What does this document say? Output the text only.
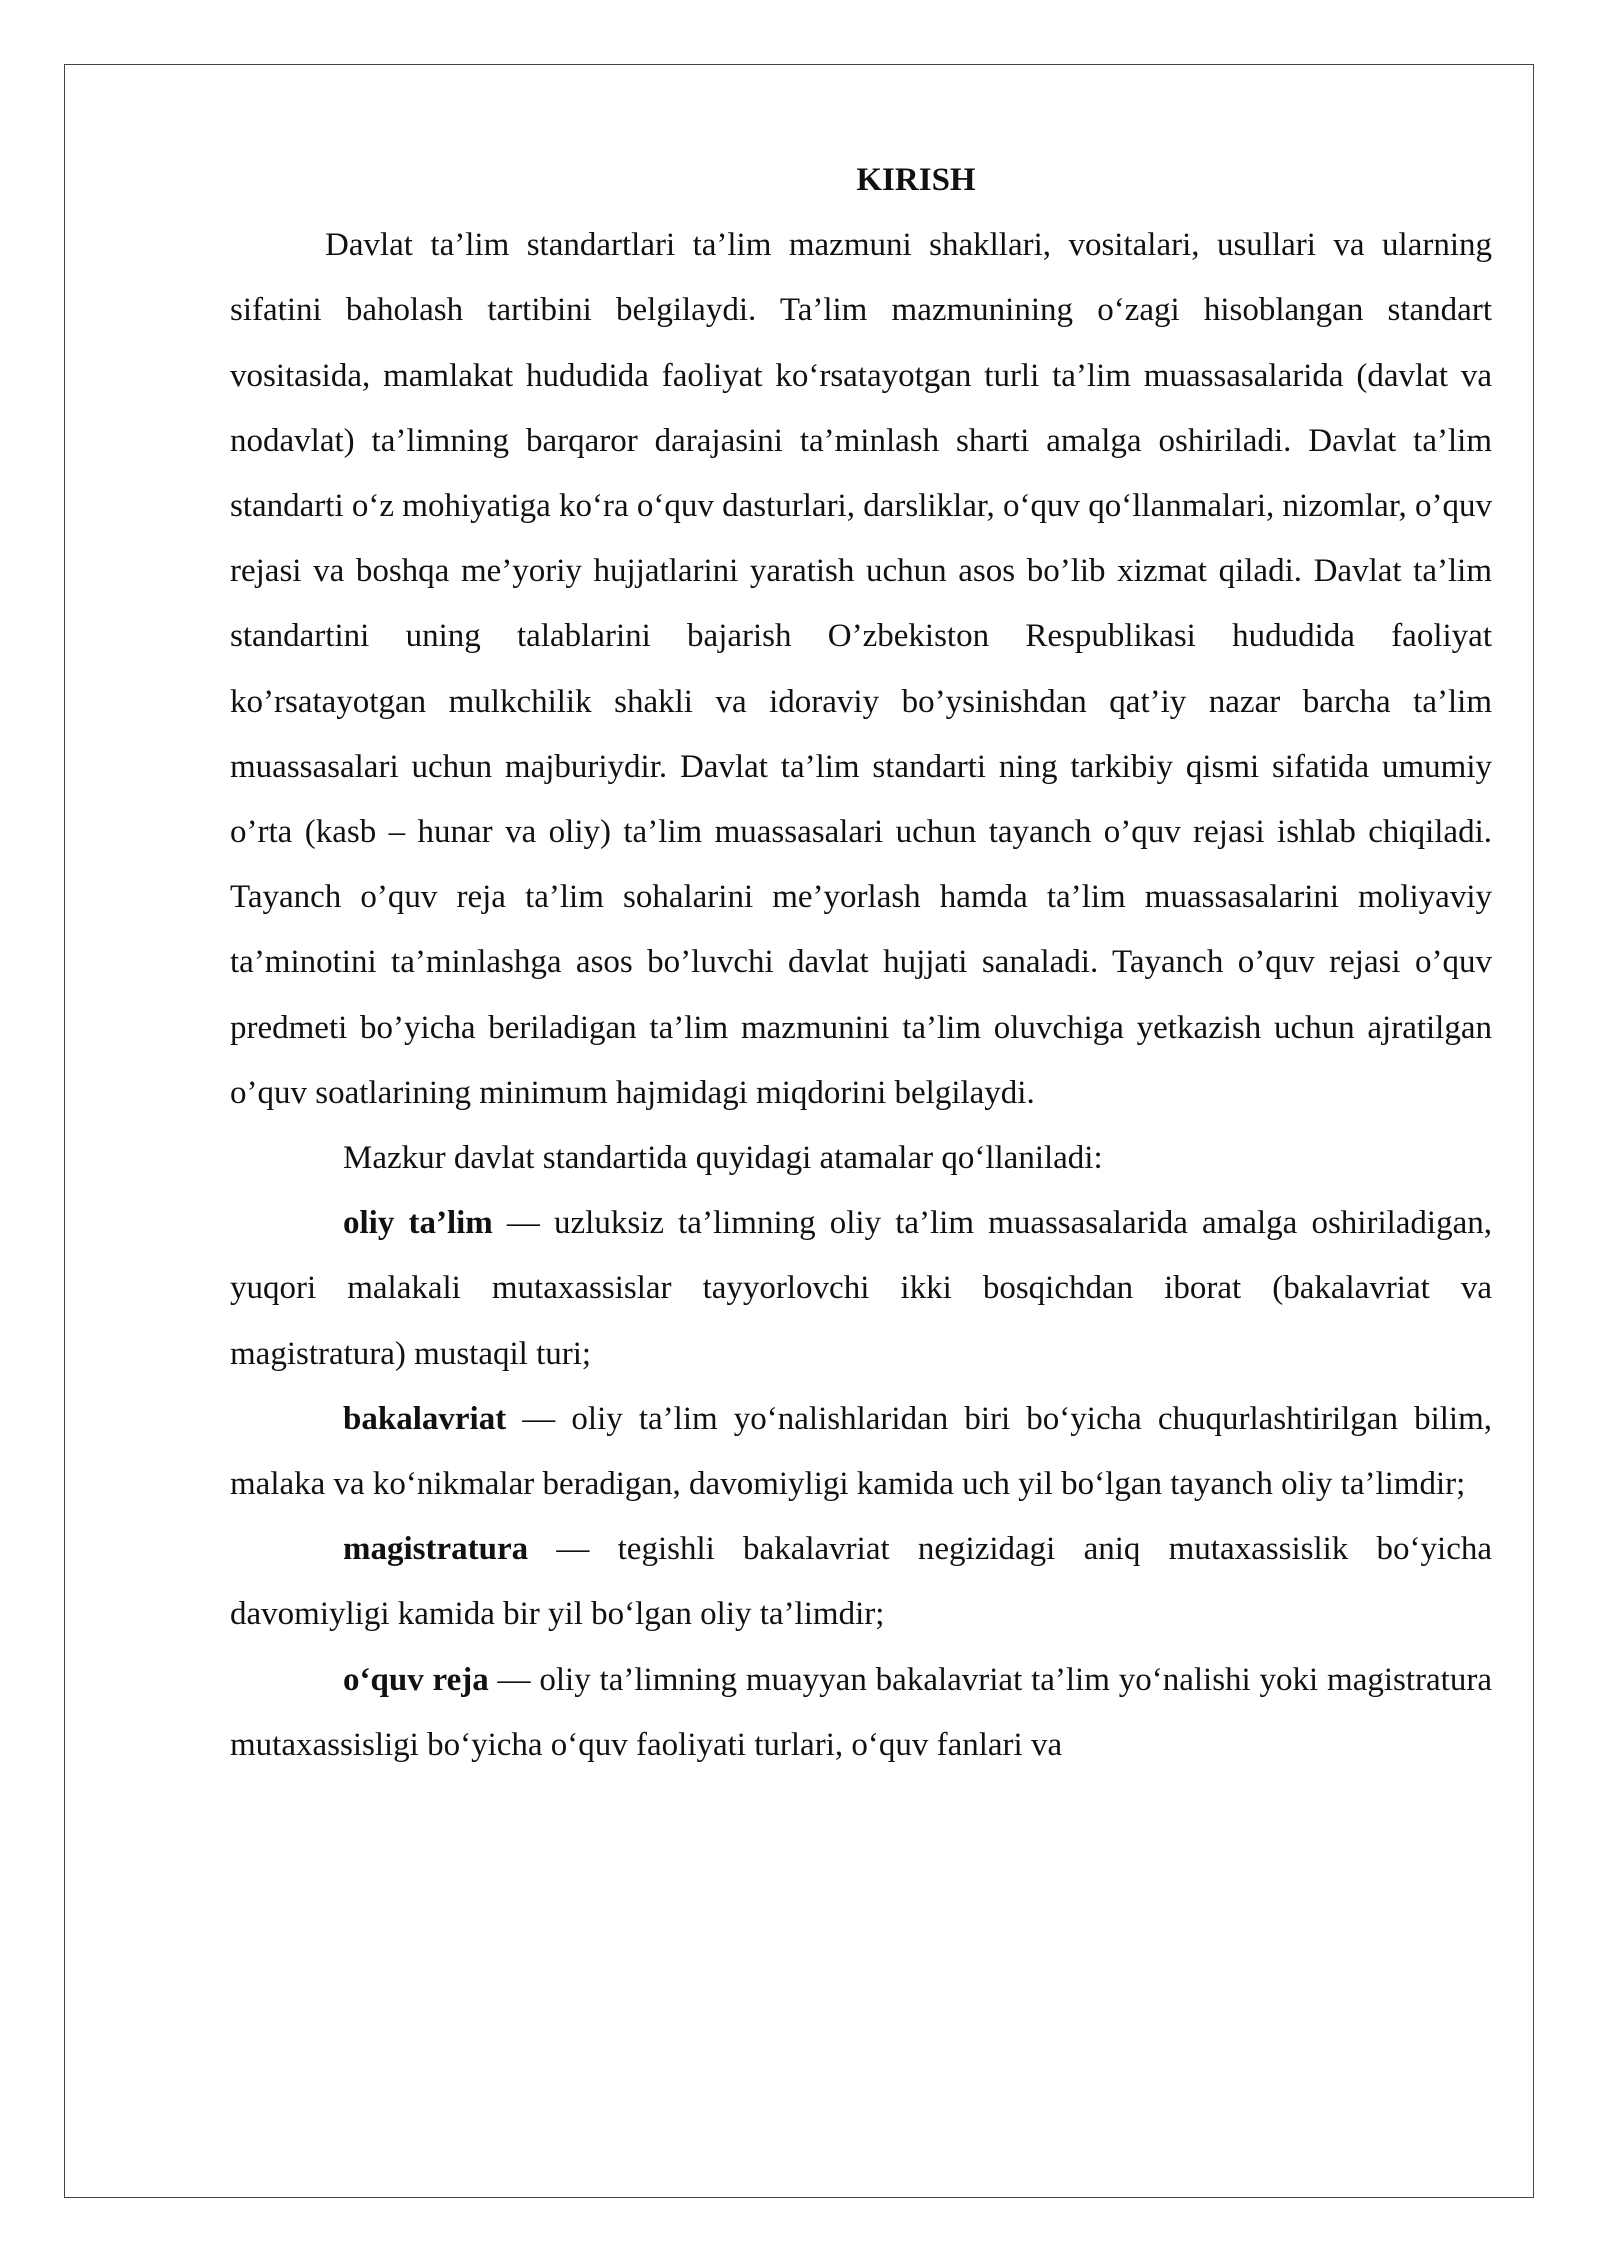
KIRISH

Davlat ta’lim standartlari ta’lim mazmuni shakllari, vositalari, usullari va ularning sifatini baholash tartibini belgilaydi. Ta’lim mazmunining o‘zagi hisoblangan standart vositasida, mamlakat hududida faoliyat ko‘rsatayotgan turli ta’lim muassasalarida (davlat va nodavlat) ta’limning barqaror darajasini ta’minlash sharti amalga oshiriladi. Davlat ta’lim standarti o‘z mohiyatiga ko‘ra o‘quv dasturlari, darsliklar, o‘quv qo‘llanmalari, nizomlar, o’quv rejasi va boshqa me’yoriy hujjatlarini yaratish uchun asos bo’lib xizmat qiladi. Davlat ta’lim standartini uning talablarini bajarish O’zbekiston Respublikasi hududida faoliyat ko’rsatayotgan mulkchilik shakli va idoraviy bo’ysinishdan qat’iy nazar barcha ta’lim muassasalari uchun majburiydir. Davlat ta’lim standarti ning tarkibiy qismi sifatida umumiy o’rta (kasb – hunar va oliy) ta’lim muassasalari uchun tayanch o’quv rejasi ishlab chiqiladi. Tayanch o’quv reja ta’lim sohalarini me’yorlash hamda ta’lim muassasalarini moliyaviy ta’minotini ta’minlashga asos bo’luvchi davlat hujjati sanaladi. Tayanch o’quv rejasi o’quv predmeti bo’yicha beriladigan ta’lim mazmunini ta’lim oluvchiga yetkazish uchun ajratilgan o’quv soatlarining minimum hajmidagi miqdorini belgilaydi.

Mazkur davlat standartida quyidagi atamalar qo‘llaniladi:

oliy ta’lim — uzluksiz ta’limning oliy ta’lim muassasalarida amalga oshiriladigan, yuqori malakali mutaxassislar tayyorlovchi ikki bosqichdan iborat (bakalavriat va magistratura) mustaqil turi;

bakalavriat — oliy ta’lim yo‘nalishlaridan biri bo‘yicha chuqurlashtirilgan bilim, malaka va ko‘nikmalar beradigan, davomiyligi kamida uch yil bo‘lgan tayanch oliy ta’limdir;

magistratura — tegishli bakalavriat negizidagi aniq mutaxassislik bo‘yicha davomiyligi kamida bir yil bo‘lgan oliy ta’limdir;

o‘quv reja — oliy ta’limning muayyan bakalavriat ta’lim yo‘nalishi yoki magistratura mutaxassisligi bo‘yicha o‘quv faoliyati turlari, o‘quv fanlari va
